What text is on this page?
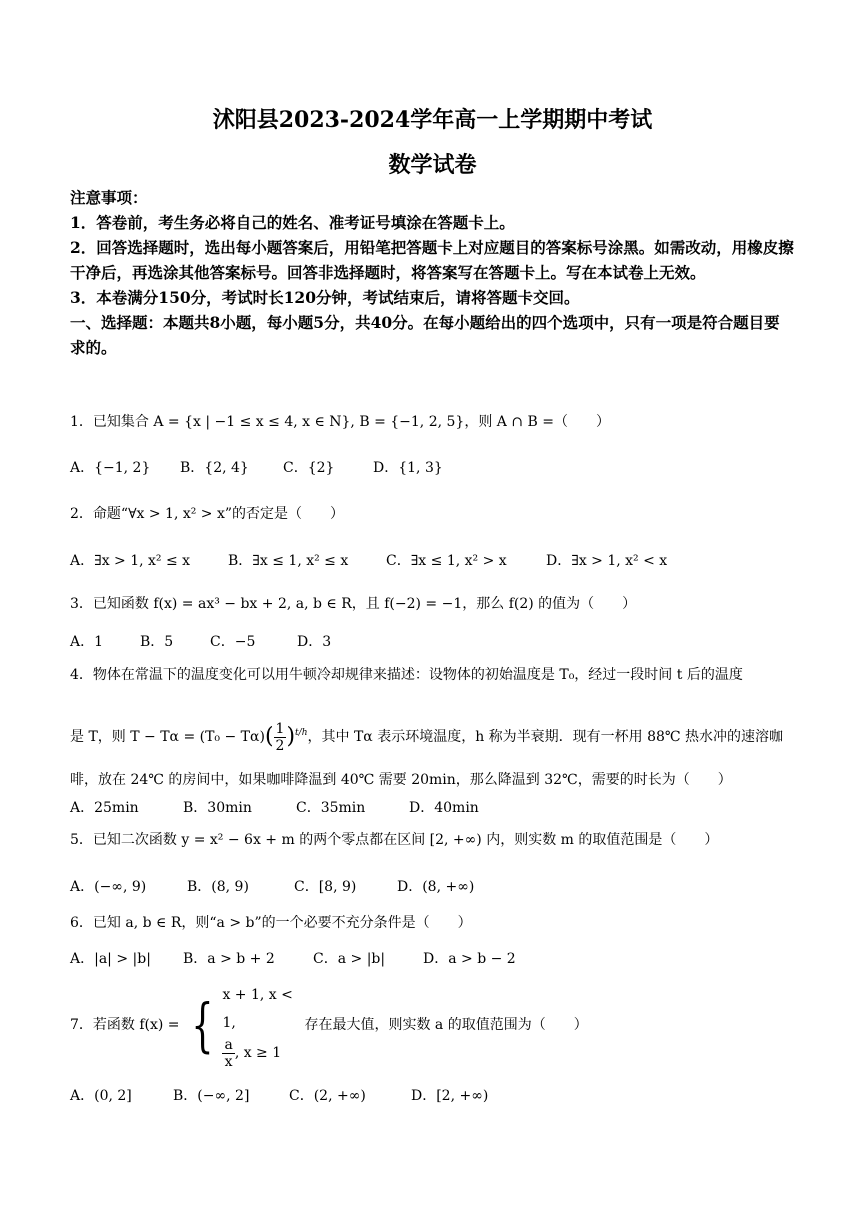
沭阳县2023-2024学年高一上学期期中考试
数学试卷

注意事项：

1．答卷前，考生务必将自己的姓名、准考证号填涂在答题卡上。

2．回答选择题时，选出每小题答案后，用铅笔把答题卡上对应题目的答案标号涂黑。如需改动，用橡皮擦干净后，再选涂其他答案标号。回答非选择题时，将答案写在答题卡上。写在本试卷上无效。

3．本卷满分150分，考试时长120分钟，考试结束后，请将答题卡交回。

一、选择题：本题共8小题，每小题5分，共40分。在每小题给出的四个选项中，只有一项是符合题目要求的。

1．已知集合 A = {x | −1 ≤ x ≤ 4, x ∈ N}, B = {−1, 2, 5}，则 A ∩ B =（　　）
A．{−1, 2}	B．{2, 4}	C．{2}	D．{1, 3}
2．命题“∀x > 1, x² > x”的否定是（　　）
A．∃x > 1, x² ≤ x	B．∃x ≤ 1, x² ≤ x	C．∃x ≤ 1, x² > x	D．∃x > 1, x² < x
3．已知函数 f(x) = ax³ − bx + 2, a, b ∈ R，且 f(−2) = −1，那么 f(2) 的值为（　　）
A．1	B．5	C．−5	D．3
4．物体在常温下的温度变化可以用牛顿冷却规律来描述：设物体的初始温度是 T₀，经过一段时间 t 后的温度
是 T，则 T − Tα = (T₀ − Tα) ( $\frac{1}{2} )^{t/h}$ ，其中 Tα 表示环境温度，h 称为半衰期．现有一杯用 88℃ 热水冲的速溶咖
啡，放在 24℃ 的房间中，如果咖啡降温到 40℃ 需要 20min，那么降温到 32℃，需要的时长为（　　）
A．25min	B．30min	C．35min	D．40min
5．已知二次函数 y = x² − 6x + m 的两个零点都在区间 [2, +∞) 内，则实数 m 的取值范围是（　　）
A．(−∞, 9)	B．(8, 9)	C．[8, 9)	D．(8, +∞)
6．已知 a, b ∈ R，则“a > b”的一个必要不充分条件是（　　）
A．|a| > |b|	B．a > b + 2	C．a > |b|	D．a > b − 2
7．若函数 f(x) = { x + 1, x < 1,
$\frac{a}{x}$ , x ≥ 1
存在最大值，则实数 a 的取值范围为（　　）
A．(0, 2]	B．(−∞, 2]	C．(2, +∞)	D．[2, +∞)
